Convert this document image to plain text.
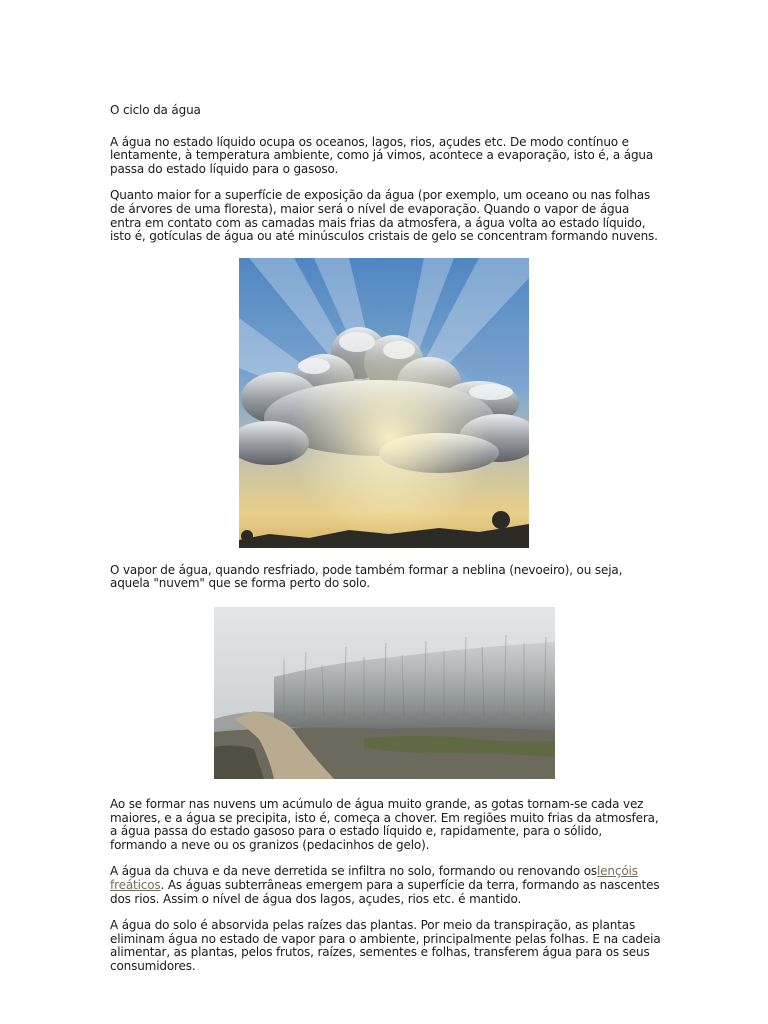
O ciclo da água

A água no estado líquido ocupa os oceanos, lagos, rios, açudes etc. De modo contínuo e lentamente, à temperatura ambiente, como já vimos, acontece a evaporação, isto é, a água passa do estado líquido para o gasoso.

Quanto maior for a superfície de exposição da água (por exemplo, um oceano ou nas folhas de árvores de uma floresta), maior será o nível de evaporação. Quando o vapor de água entra em contato com as camadas mais frias da atmosfera, a água volta ao estado líquido, isto é, gotículas de água ou até minúsculos cristais de gelo se concentram formando nuvens.

O vapor de água, quando resfriado, pode também formar a neblina (nevoeiro), ou seja, aquela "nuvem" que se forma perto do solo.

Ao se formar nas nuvens um acúmulo de água muito grande, as gotas tornam-se cada vez maiores, e a água se precipita, isto é, começa a chover. Em regiões muito frias da atmosfera, a água passa do estado gasoso para o estado líquido e, rapidamente, para o sólido, formando a neve ou os granizos (pedacinhos de gelo).

A água da chuva e da neve derretida se infiltra no solo, formando ou renovando oslençóis freáticos. As águas subterrâneas emergem para a superfície da terra, formando as nascentes dos rios. Assim o nível de água dos lagos, açudes, rios etc. é mantido.

A água do solo é absorvida pelas raízes das plantas. Por meio da transpiração, as plantas eliminam água no estado de vapor para o ambiente, principalmente pelas folhas. E na cadeia alimentar, as plantas, pelos frutos, raízes, sementes e folhas, transferem água para os seus consumidores.
